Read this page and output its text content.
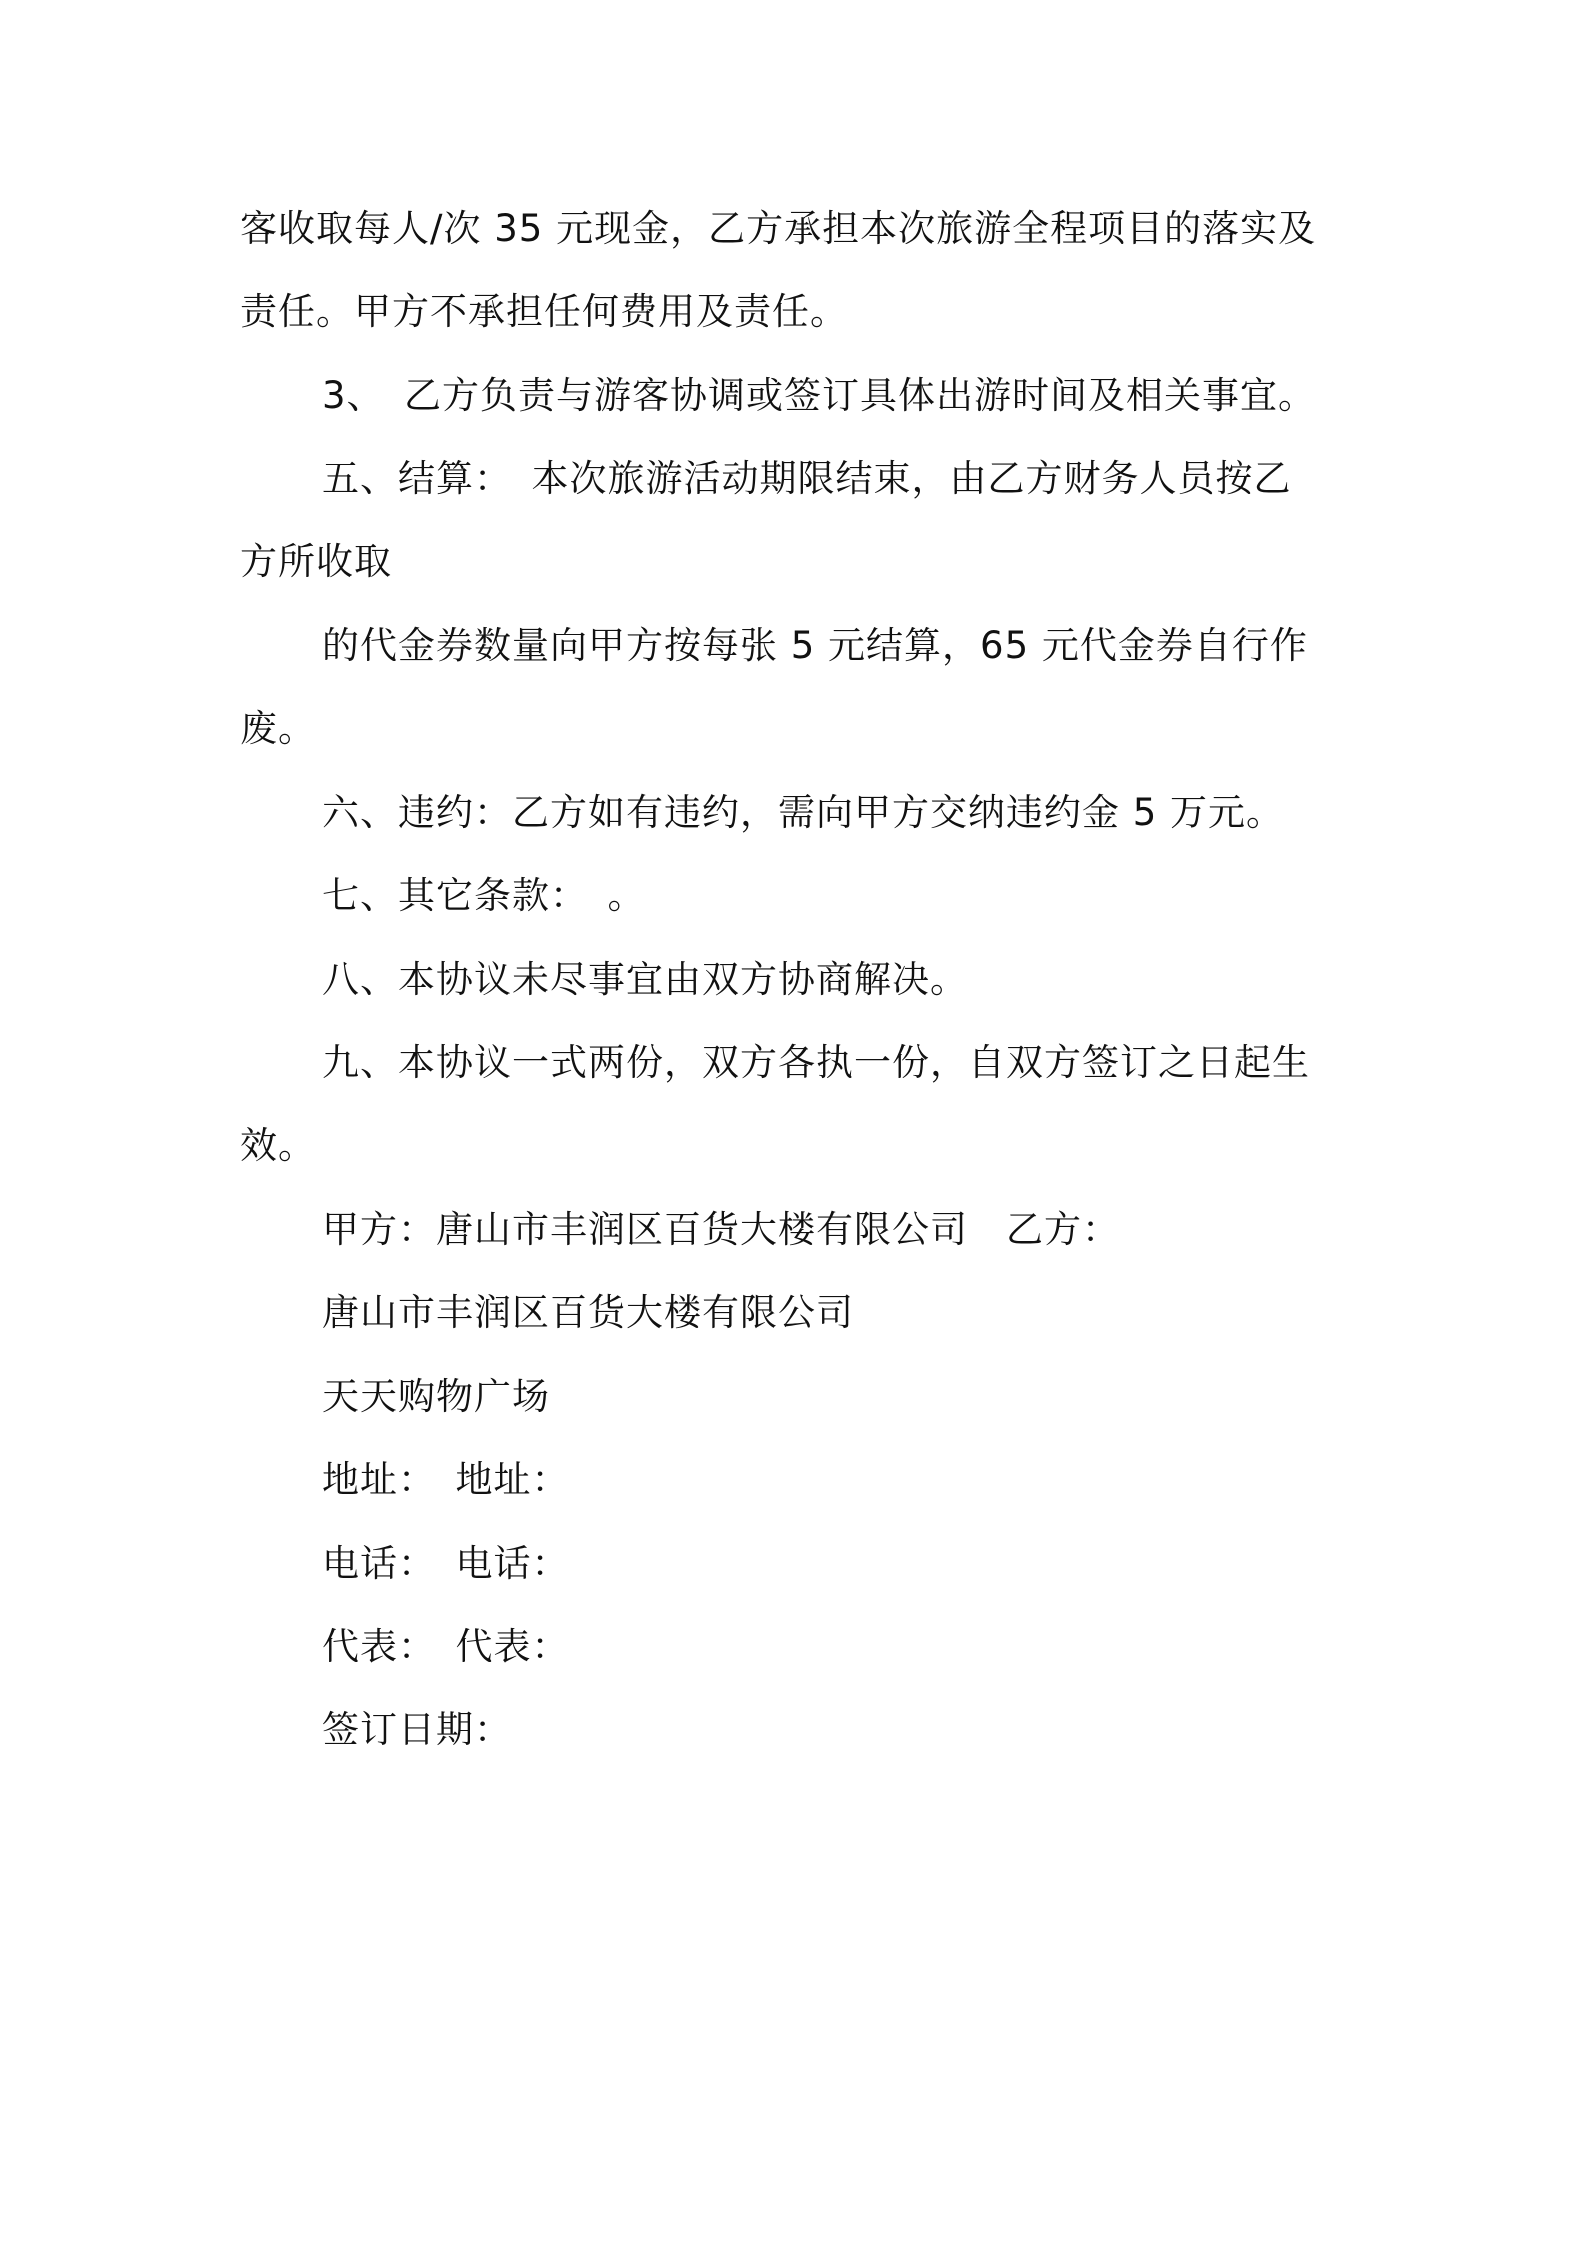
客收取每人/次 35 元现金，乙方承担本次旅游全程项目的落实及
责任。甲方不承担任何费用及责任。
3、　乙方负责与游客协调或签订具体出游时间及相关事宜。
五、结算：　本次旅游活动期限结束，由乙方财务人员按乙
方所收取
的代金券数量向甲方按每张 5 元结算，65 元代金券自行作
废。
六、违约：乙方如有违约，需向甲方交纳违约金 5 万元。
七、其它条款：　。
八、本协议未尽事宜由双方协商解决。
九、本协议一式两份，双方各执一份，自双方签订之日起生
效。
甲方：唐山市丰润区百货大楼有限公司　乙方：
唐山市丰润区百货大楼有限公司
天天购物广场
地址：　地址：
电话：　电话：
代表：　代表：
签订日期：
